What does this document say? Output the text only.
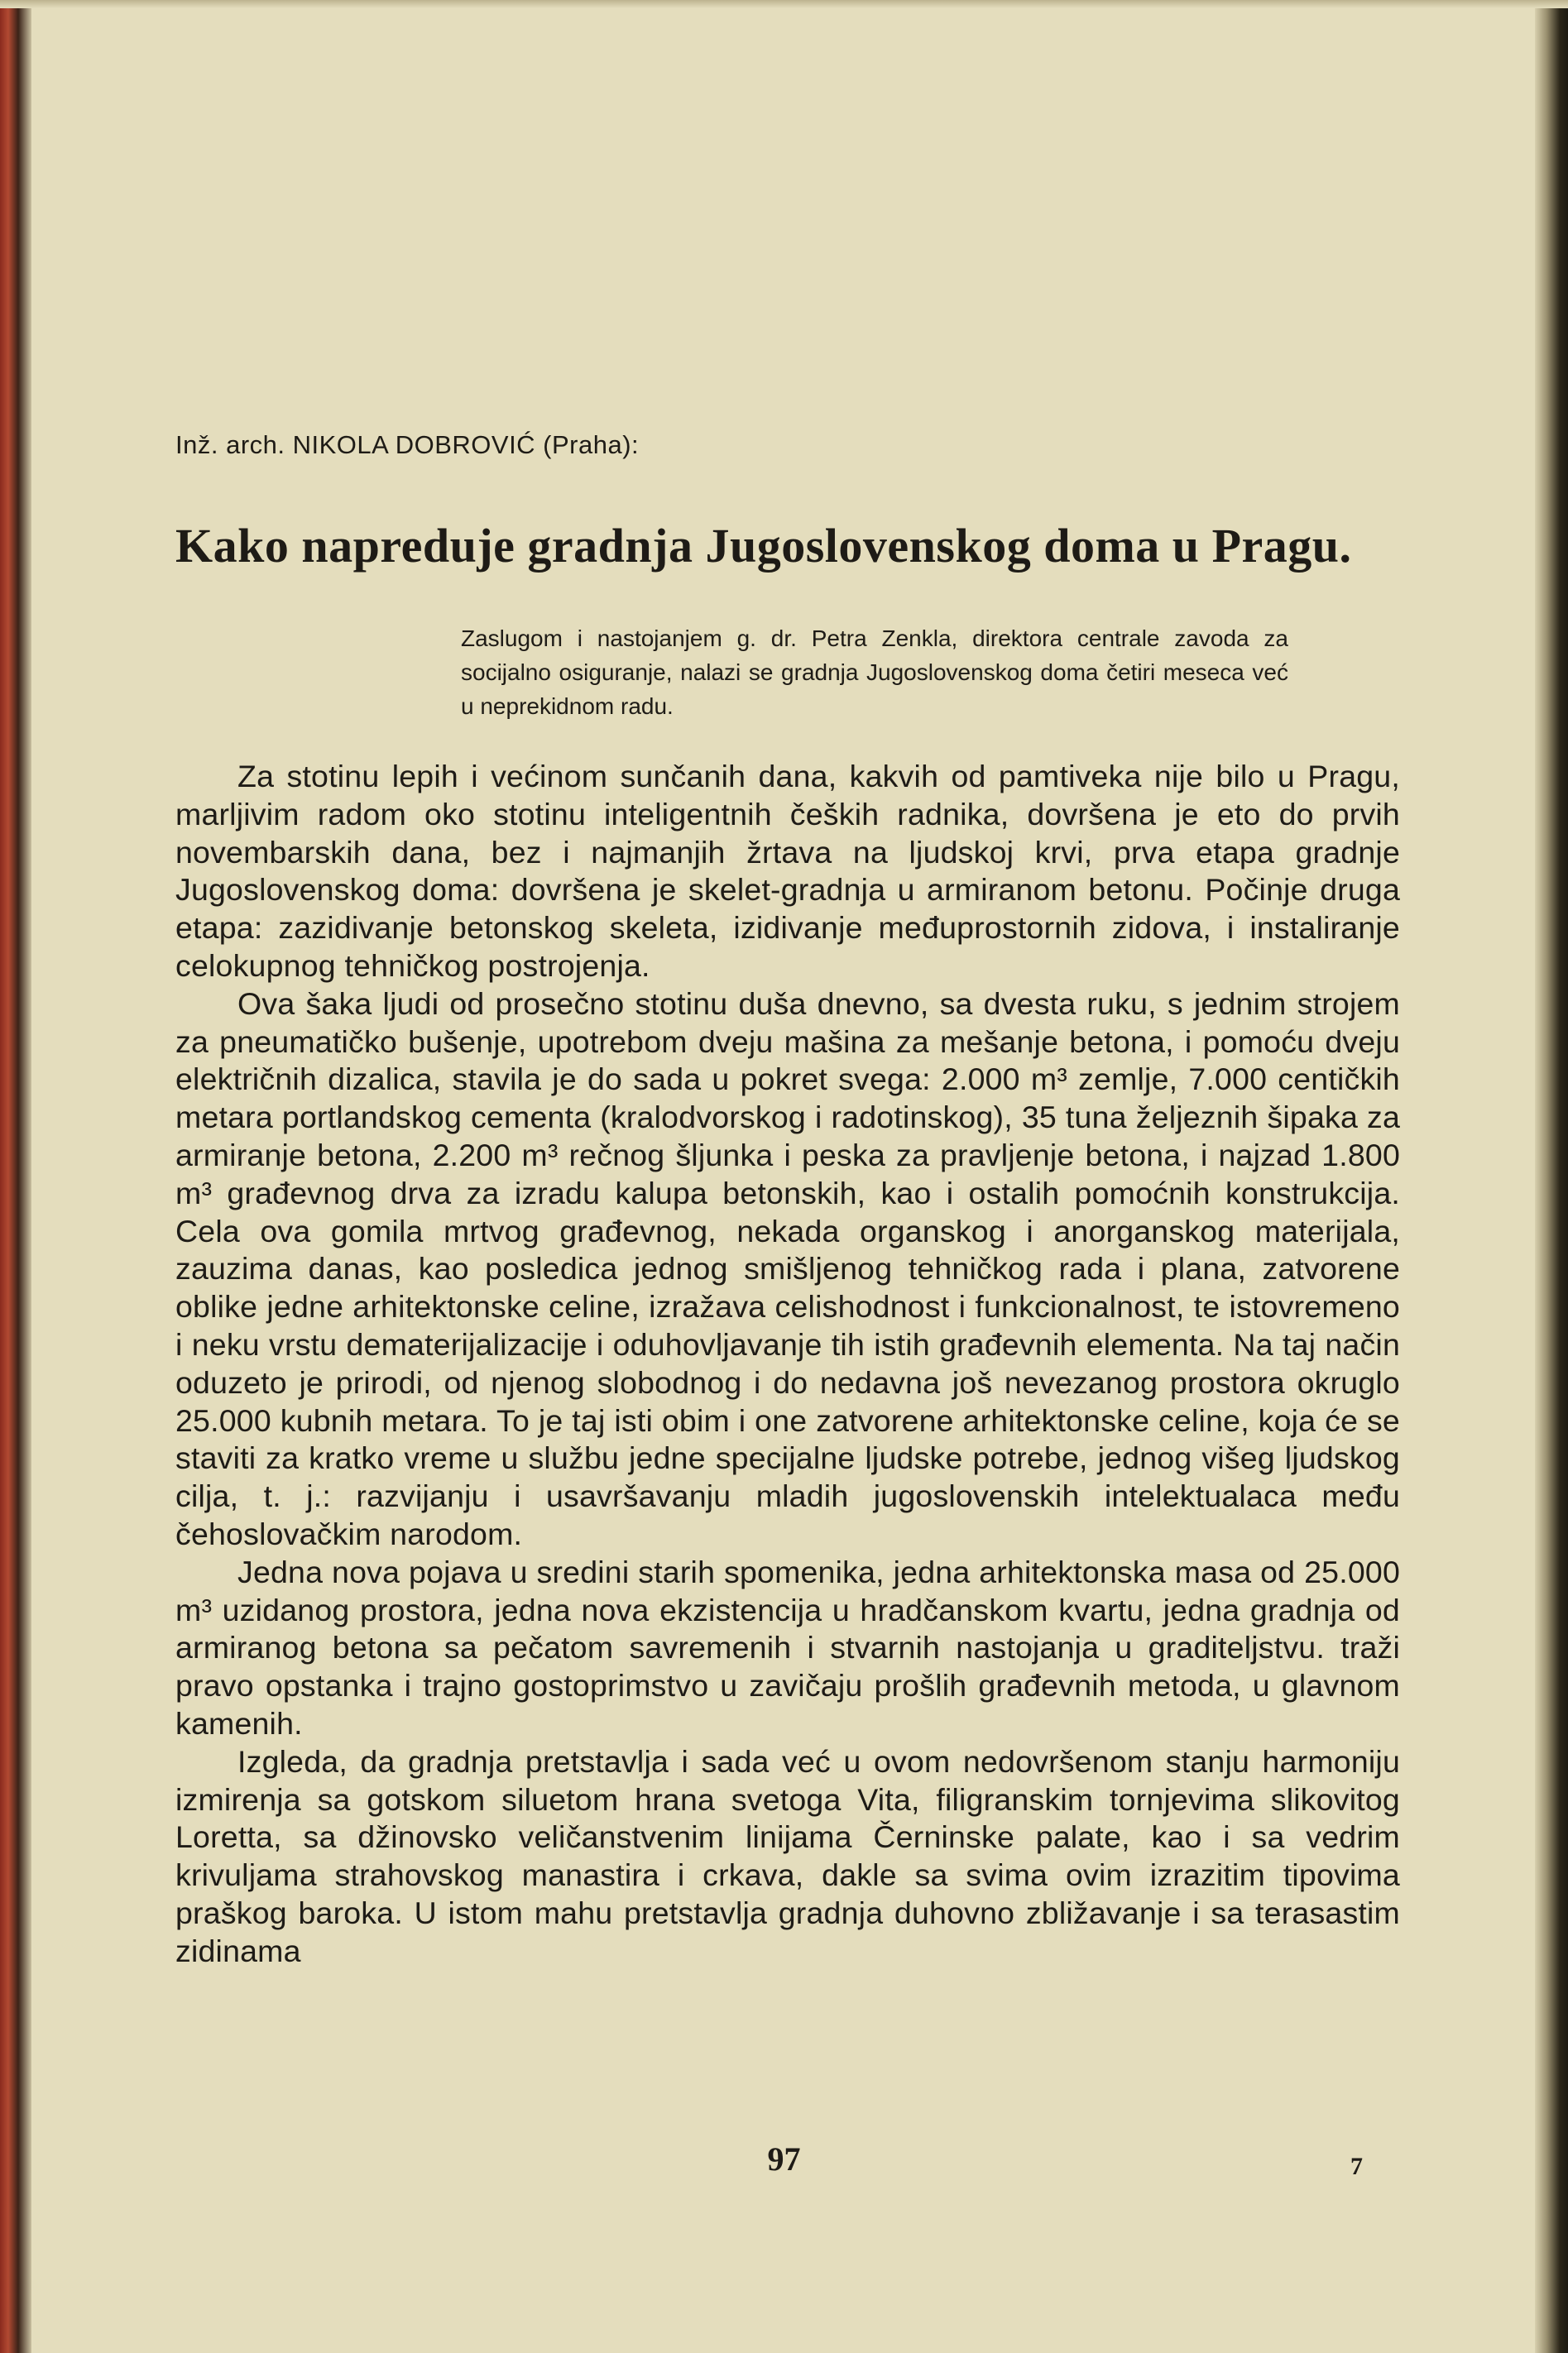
Inž. arch. NIKOLA DOBROVIĆ (Praha):

Kako napreduje gradnja Jugoslovenskog doma u Pragu.

Zaslugom i nastojanjem g. dr. Petra Zenkla, direktora centrale zavoda za socijalno osiguranje, nalazi se gradnja Jugoslovenskog doma četiri meseca već u neprekidnom radu.

Za stotinu lepih i većinom sunčanih dana, kakvih od pamtiveka nije bilo u Pragu, marljivim radom oko stotinu inteligentnih čeških radnika, dovršena je eto do prvih novembarskih dana, bez i najmanjih žrtava na ljudskoj krvi, prva etapa gradnje Jugoslovenskog doma: dovršena je skelet-gradnja u armiranom betonu. Počinje druga etapa: zazidivanje betonskog skeleta, izidivanje međuprostornih zidova, i instaliranje celokupnog tehničkog postrojenja.

Ova šaka ljudi od prosečno stotinu duša dnevno, sa dvesta ruku, s jednim strojem za pneumatičko bušenje, upotrebom dveju mašina za mešanje betona, i pomoću dveju električnih dizalica, stavila je do sada u pokret svega: 2.000 m³ zemlje, 7.000 centičkih metara portlandskog cementa (kralodvorskog i radotinskog), 35 tuna željeznih šipaka za armiranje betona, 2.200 m³ rečnog šljunka i peska za pravljenje betona, i najzad 1.800 m³ građevnog drva za izradu kalupa betonskih, kao i ostalih pomoćnih konstrukcija. Cela ova gomila mrtvog građevnog, nekada organskog i anorganskog materijala, zauzima danas, kao posledica jednog smišljenog tehničkog rada i plana, zatvorene oblike jedne arhitektonske celine, izražava celishodnost i funkcionalnost, te istovremeno i neku vrstu dematerijalizacije i oduhovljavanje tih istih građevnih elementa. Na taj način oduzeto je prirodi, od njenog slobodnog i do nedavna još nevezanog prostora okruglo 25.000 kubnih metara. To je taj isti obim i one zatvorene arhitektonske celine, koja će se staviti za kratko vreme u službu jedne specijalne ljudske potrebe, jednog višeg ljudskog cilja, t. j.: razvijanju i usavršavanju mladih jugoslovenskih intelektualaca među čehoslovačkim narodom.

Jedna nova pojava u sredini starih spomenika, jedna arhitektonska masa od 25.000 m³ uzidanog prostora, jedna nova ekzistencija u hradčanskom kvartu, jedna gradnja od armiranog betona sa pečatom savremenih i stvarnih nastojanja u graditeljstvu. traži pravo opstanka i trajno gostoprimstvo u zavičaju prošlih građevnih metoda, u glavnom kamenih.

Izgleda, da gradnja pretstavlja i sada već u ovom nedovršenom stanju harmoniju izmirenja sa gotskom siluetom hrana svetoga Vita, filigranskim tornjevima slikovitog Loretta, sa džinovsko veličanstvenim linijama Černinske palate, kao i sa vedrim krivuljama strahovskog manastira i crkava, dakle sa svima ovim izrazitim tipovima praškog baroka. U istom mahu pretstavlja gradnja duhovno zbližavanje i sa terasastim zidinama

97	7
